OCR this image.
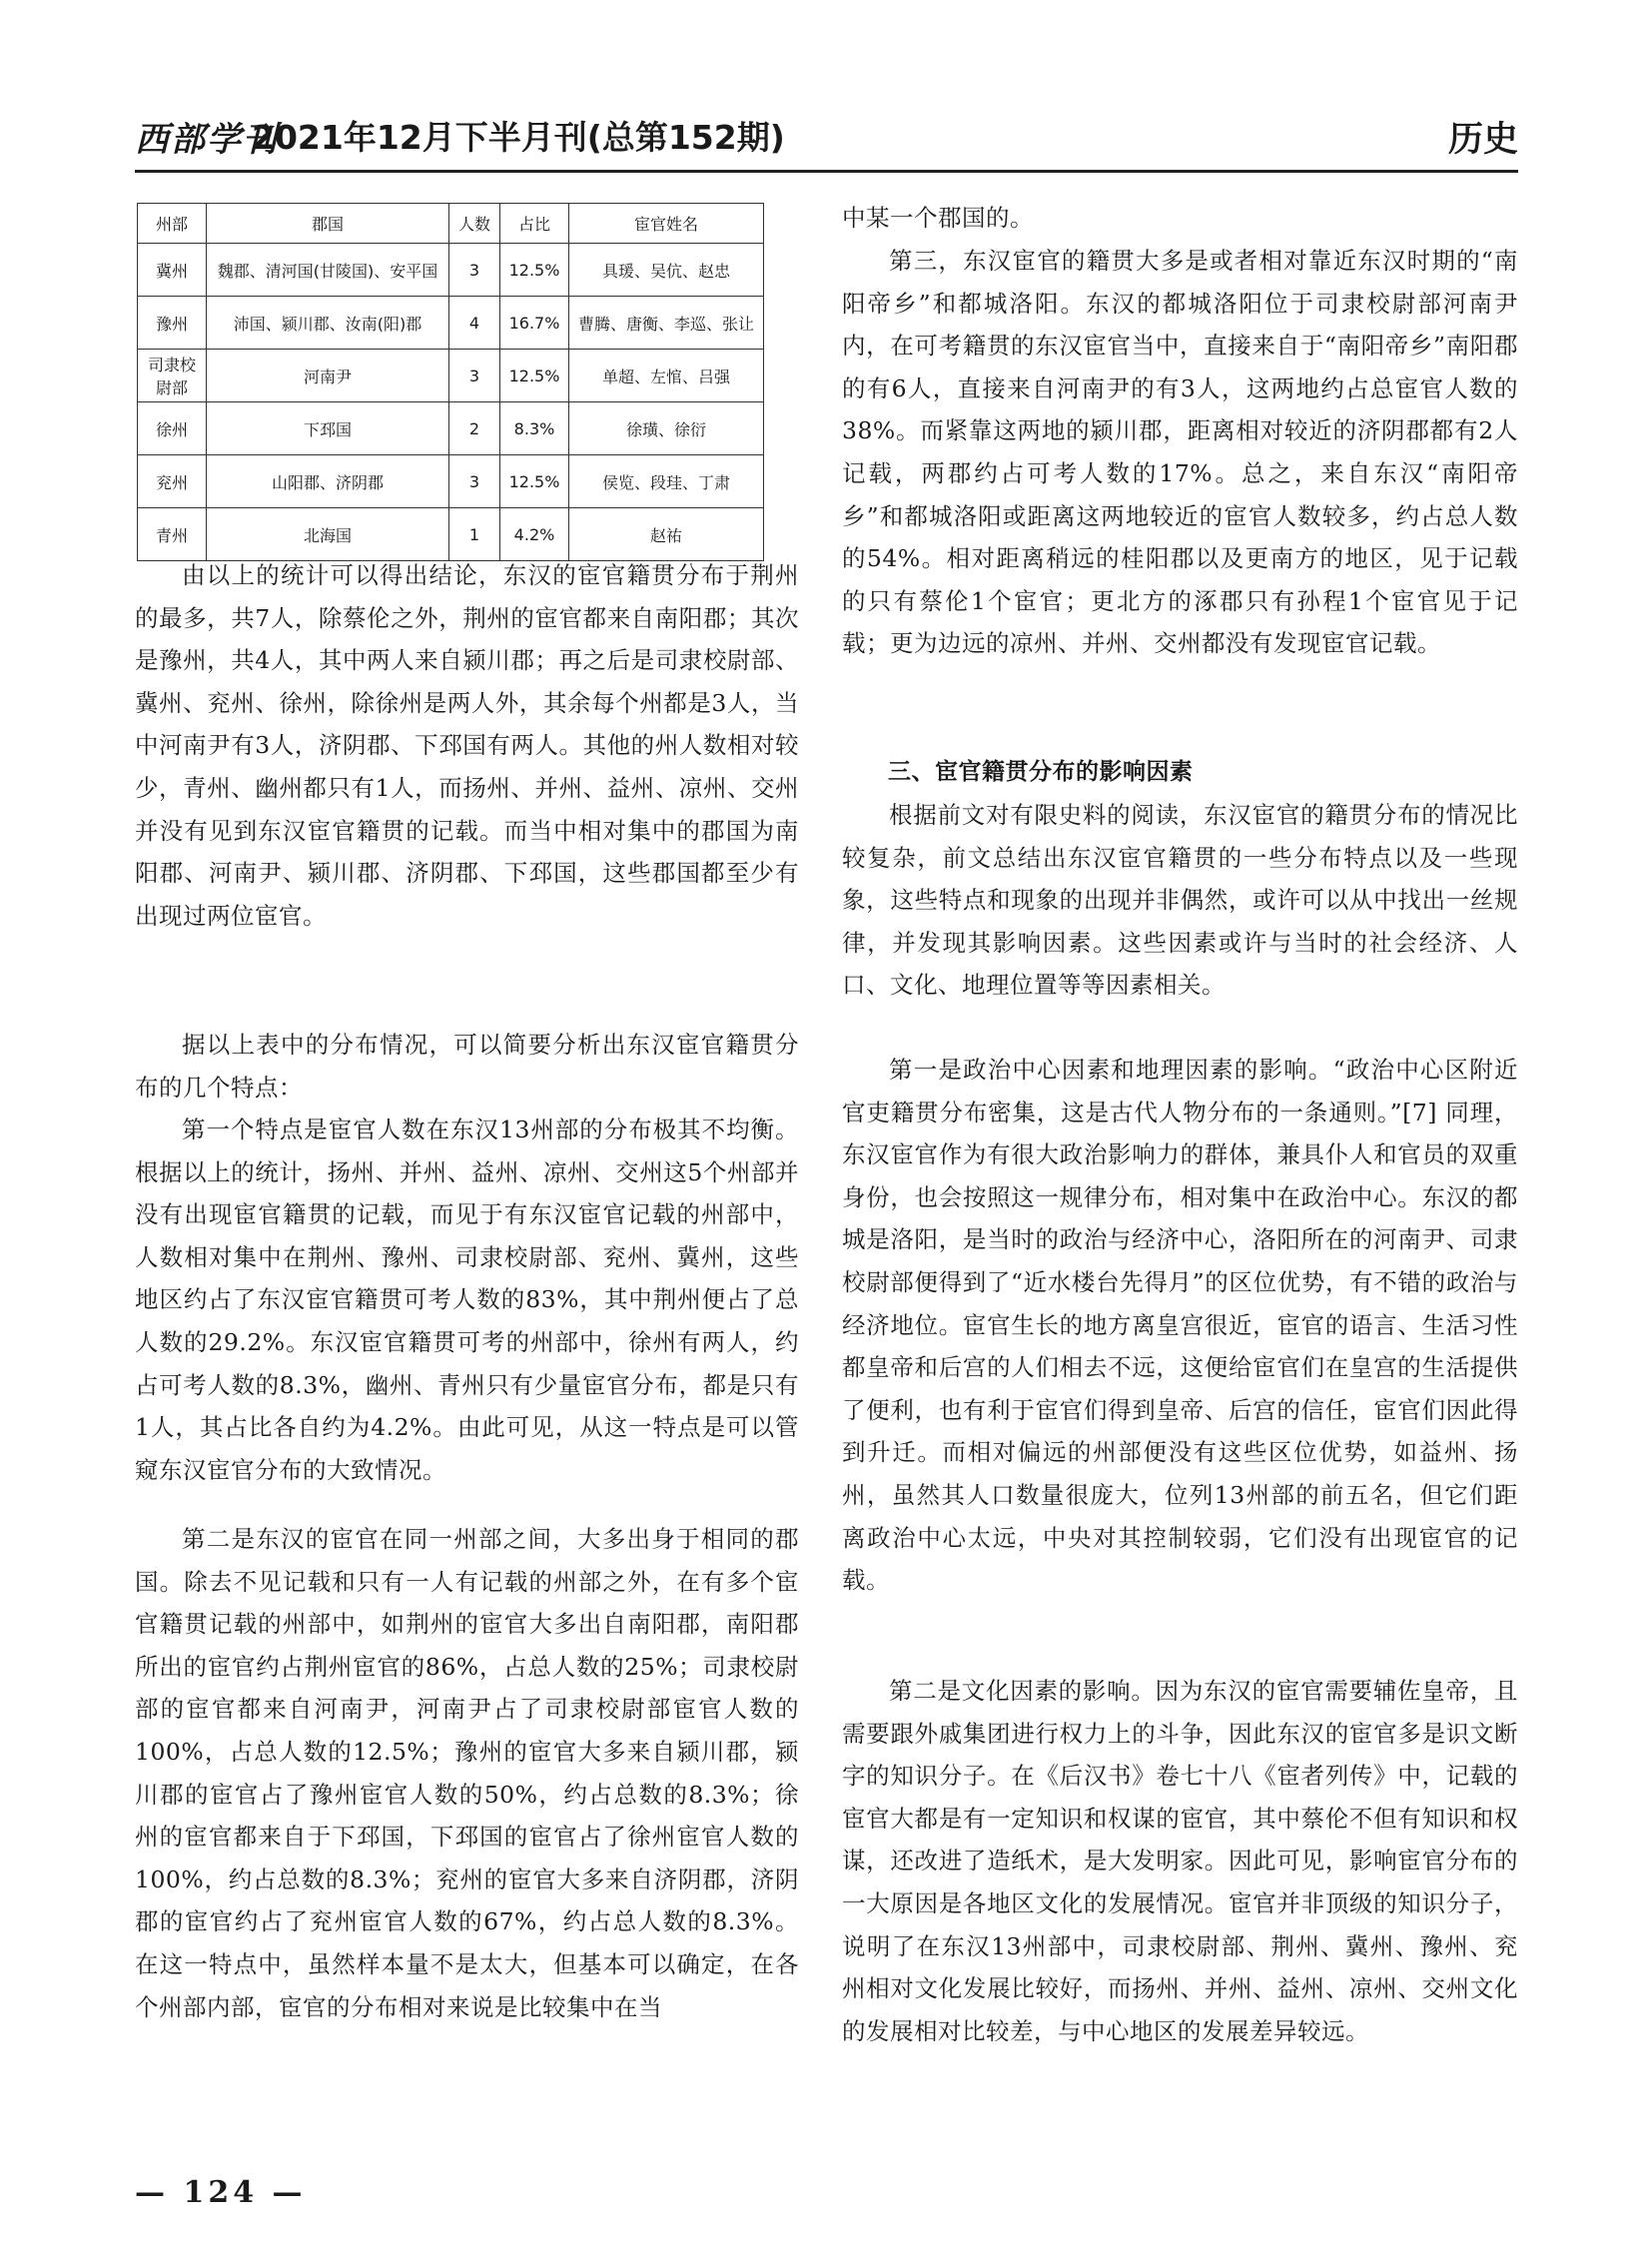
西部学刊
2021年12月下半月刊(总第152期)	历史
州部	郡国	人数	占比	宦官姓名
冀州	魏郡、清河国(甘陵国)、安平国	3	12.5%	具瑗、吴伉、赵忠
豫州	沛国、颍川郡、汝南(阳)郡	4	16.7%	曹腾、唐衡、李巡、张让
司隶校尉部	河南尹	3	12.5%	单超、左悺、吕强
徐州	下邳国	2	8.3%	徐璜、徐衍
兖州	山阳郡、济阴郡	3	12.5%	侯览、段珪、丁肃
青州	北海国	1	4.2%	赵祐

由以上的统计可以得出结论，东汉的宦官籍贯分布于荆州的最多，共7人，除蔡伦之外，荆州的宦官都来自南阳郡；其次是豫州，共4人，其中两人来自颍川郡；再之后是司隶校尉部、冀州、兖州、徐州，除徐州是两人外，其余每个州都是3人，当中河南尹有3人，济阴郡、下邳国有两人。其他的州人数相对较少，青州、幽州都只有1人，而扬州、并州、益州、凉州、交州并没有见到东汉宦官籍贯的记载。而当中相对集中的郡国为南阳郡、河南尹、颍川郡、济阴郡、下邳国，这些郡国都至少有出现过两位宦官。

据以上表中的分布情况，可以简要分析出东汉宦官籍贯分布的几个特点：

第一个特点是宦官人数在东汉13州部的分布极其不均衡。根据以上的统计，扬州、并州、益州、凉州、交州这5个州部并没有出现宦官籍贯的记载，而见于有东汉宦官记载的州部中，人数相对集中在荆州、豫州、司隶校尉部、兖州、冀州，这些地区约占了东汉宦官籍贯可考人数的83%，其中荆州便占了总人数的29.2%。东汉宦官籍贯可考的州部中，徐州有两人，约占可考人数的8.3%，幽州、青州只有少量宦官分布，都是只有1人，其占比各自约为4.2%。由此可见，从这一特点是可以管窥东汉宦官分布的大致情况。

第二是东汉的宦官在同一州部之间，大多出身于相同的郡国。除去不见记载和只有一人有记载的州部之外，在有多个宦官籍贯记载的州部中，如荆州的宦官大多出自南阳郡，南阳郡所出的宦官约占荆州宦官的86%，占总人数的25%；司隶校尉部的宦官都来自河南尹，河南尹占了司隶校尉部宦官人数的100%，占总人数的12.5%；豫州的宦官大多来自颍川郡，颍川郡的宦官占了豫州宦官人数的50%，约占总数的8.3%；徐州的宦官都来自于下邳国，下邳国的宦官占了徐州宦官人数的100%，约占总数的8.3%；兖州的宦官大多来自济阴郡，济阴郡的宦官约占了兖州宦官人数的67%，约占总人数的8.3%。在这一特点中，虽然样本量不是太大，但基本可以确定，在各个州部内部，宦官的分布相对来说是比较集中在当

中某一个郡国的。

第三，东汉宦官的籍贯大多是或者相对靠近东汉时期的“南阳帝乡”和都城洛阳。东汉的都城洛阳位于司隶校尉部河南尹内，在可考籍贯的东汉宦官当中，直接来自于“南阳帝乡”南阳郡的有6人，直接来自河南尹的有3人，这两地约占总宦官人数的38%。而紧靠这两地的颍川郡，距离相对较近的济阴郡都有2人记载，两郡约占可考人数的17%。总之，来自东汉“南阳帝乡”和都城洛阳或距离这两地较近的宦官人数较多，约占总人数的54%。相对距离稍远的桂阳郡以及更南方的地区，见于记载的只有蔡伦1个宦官；更北方的涿郡只有孙程1个宦官见于记载；更为边远的凉州、并州、交州都没有发现宦官记载。

三、宦官籍贯分布的影响因素

根据前文对有限史料的阅读，东汉宦官的籍贯分布的情况比较复杂，前文总结出东汉宦官籍贯的一些分布特点以及一些现象，这些特点和现象的出现并非偶然，或许可以从中找出一丝规律，并发现其影响因素。这些因素或许与当时的社会经济、人口、文化、地理位置等等因素相关。

第一是政治中心因素和地理因素的影响。“政治中心区附近官吏籍贯分布密集，这是古代人物分布的一条通则。”[7] 同理，东汉宦官作为有很大政治影响力的群体，兼具仆人和官员的双重身份，也会按照这一规律分布，相对集中在政治中心。东汉的都城是洛阳，是当时的政治与经济中心，洛阳所在的河南尹、司隶校尉部便得到了“近水楼台先得月”的区位优势，有不错的政治与经济地位。宦官生长的地方离皇宫很近，宦官的语言、生活习性都皇帝和后宫的人们相去不远，这便给宦官们在皇宫的生活提供了便利，也有利于宦官们得到皇帝、后宫的信任，宦官们因此得到升迁。而相对偏远的州部便没有这些区位优势，如益州、扬州，虽然其人口数量很庞大，位列13州部的前五名，但它们距离政治中心太远，中央对其控制较弱，它们没有出现宦官的记载。

第二是文化因素的影响。因为东汉的宦官需要辅佐皇帝，且需要跟外戚集团进行权力上的斗争，因此东汉的宦官多是识文断字的知识分子。在《后汉书》卷七十八《宦者列传》中，记载的宦官大都是有一定知识和权谋的宦官，其中蔡伦不但有知识和权谋，还改进了造纸术，是大发明家。因此可见，影响宦官分布的一大原因是各地区文化的发展情况。宦官并非顶级的知识分子，说明了在东汉13州部中，司隶校尉部、荆州、冀州、豫州、兖州相对文化发展比较好，而扬州、并州、益州、凉州、交州文化的发展相对比较差，与中心地区的发展差异较远。

— 124 —
